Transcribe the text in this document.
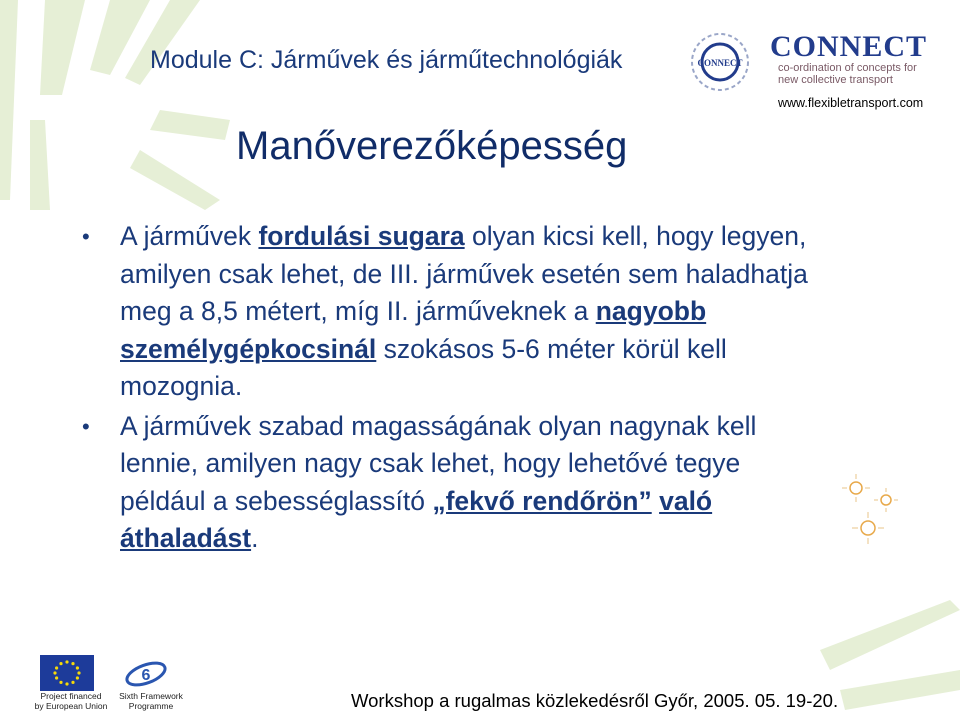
Module C: Járművek és járműtechnológiák	CONNECT CONNECT
co-ordination of concepts for
new collective transport
www.flexibletransport.com
Manőverezőképesség
• A járművek fordulási sugara olyan kicsi kell, hogy legyen, amilyen csak lehet, de III. járművek esetén sem haladhatja meg a 8,5 métert, míg II. járműveknek a nagyobb személygépkocsinál szokásos 5-6 méter körül kell mozognia.
• A járművek szabad magasságának olyan nagynak kell lennie, amilyen nagy csak lehet, hogy lehetővé tegye például a sebességlassító „fekvő rendőrön” való áthaladást.
Project financed
by European Union
6
Sixth Framework
Programme	Workshop a rugalmas közlekedésről Győr, 2005. 05. 19-20.
